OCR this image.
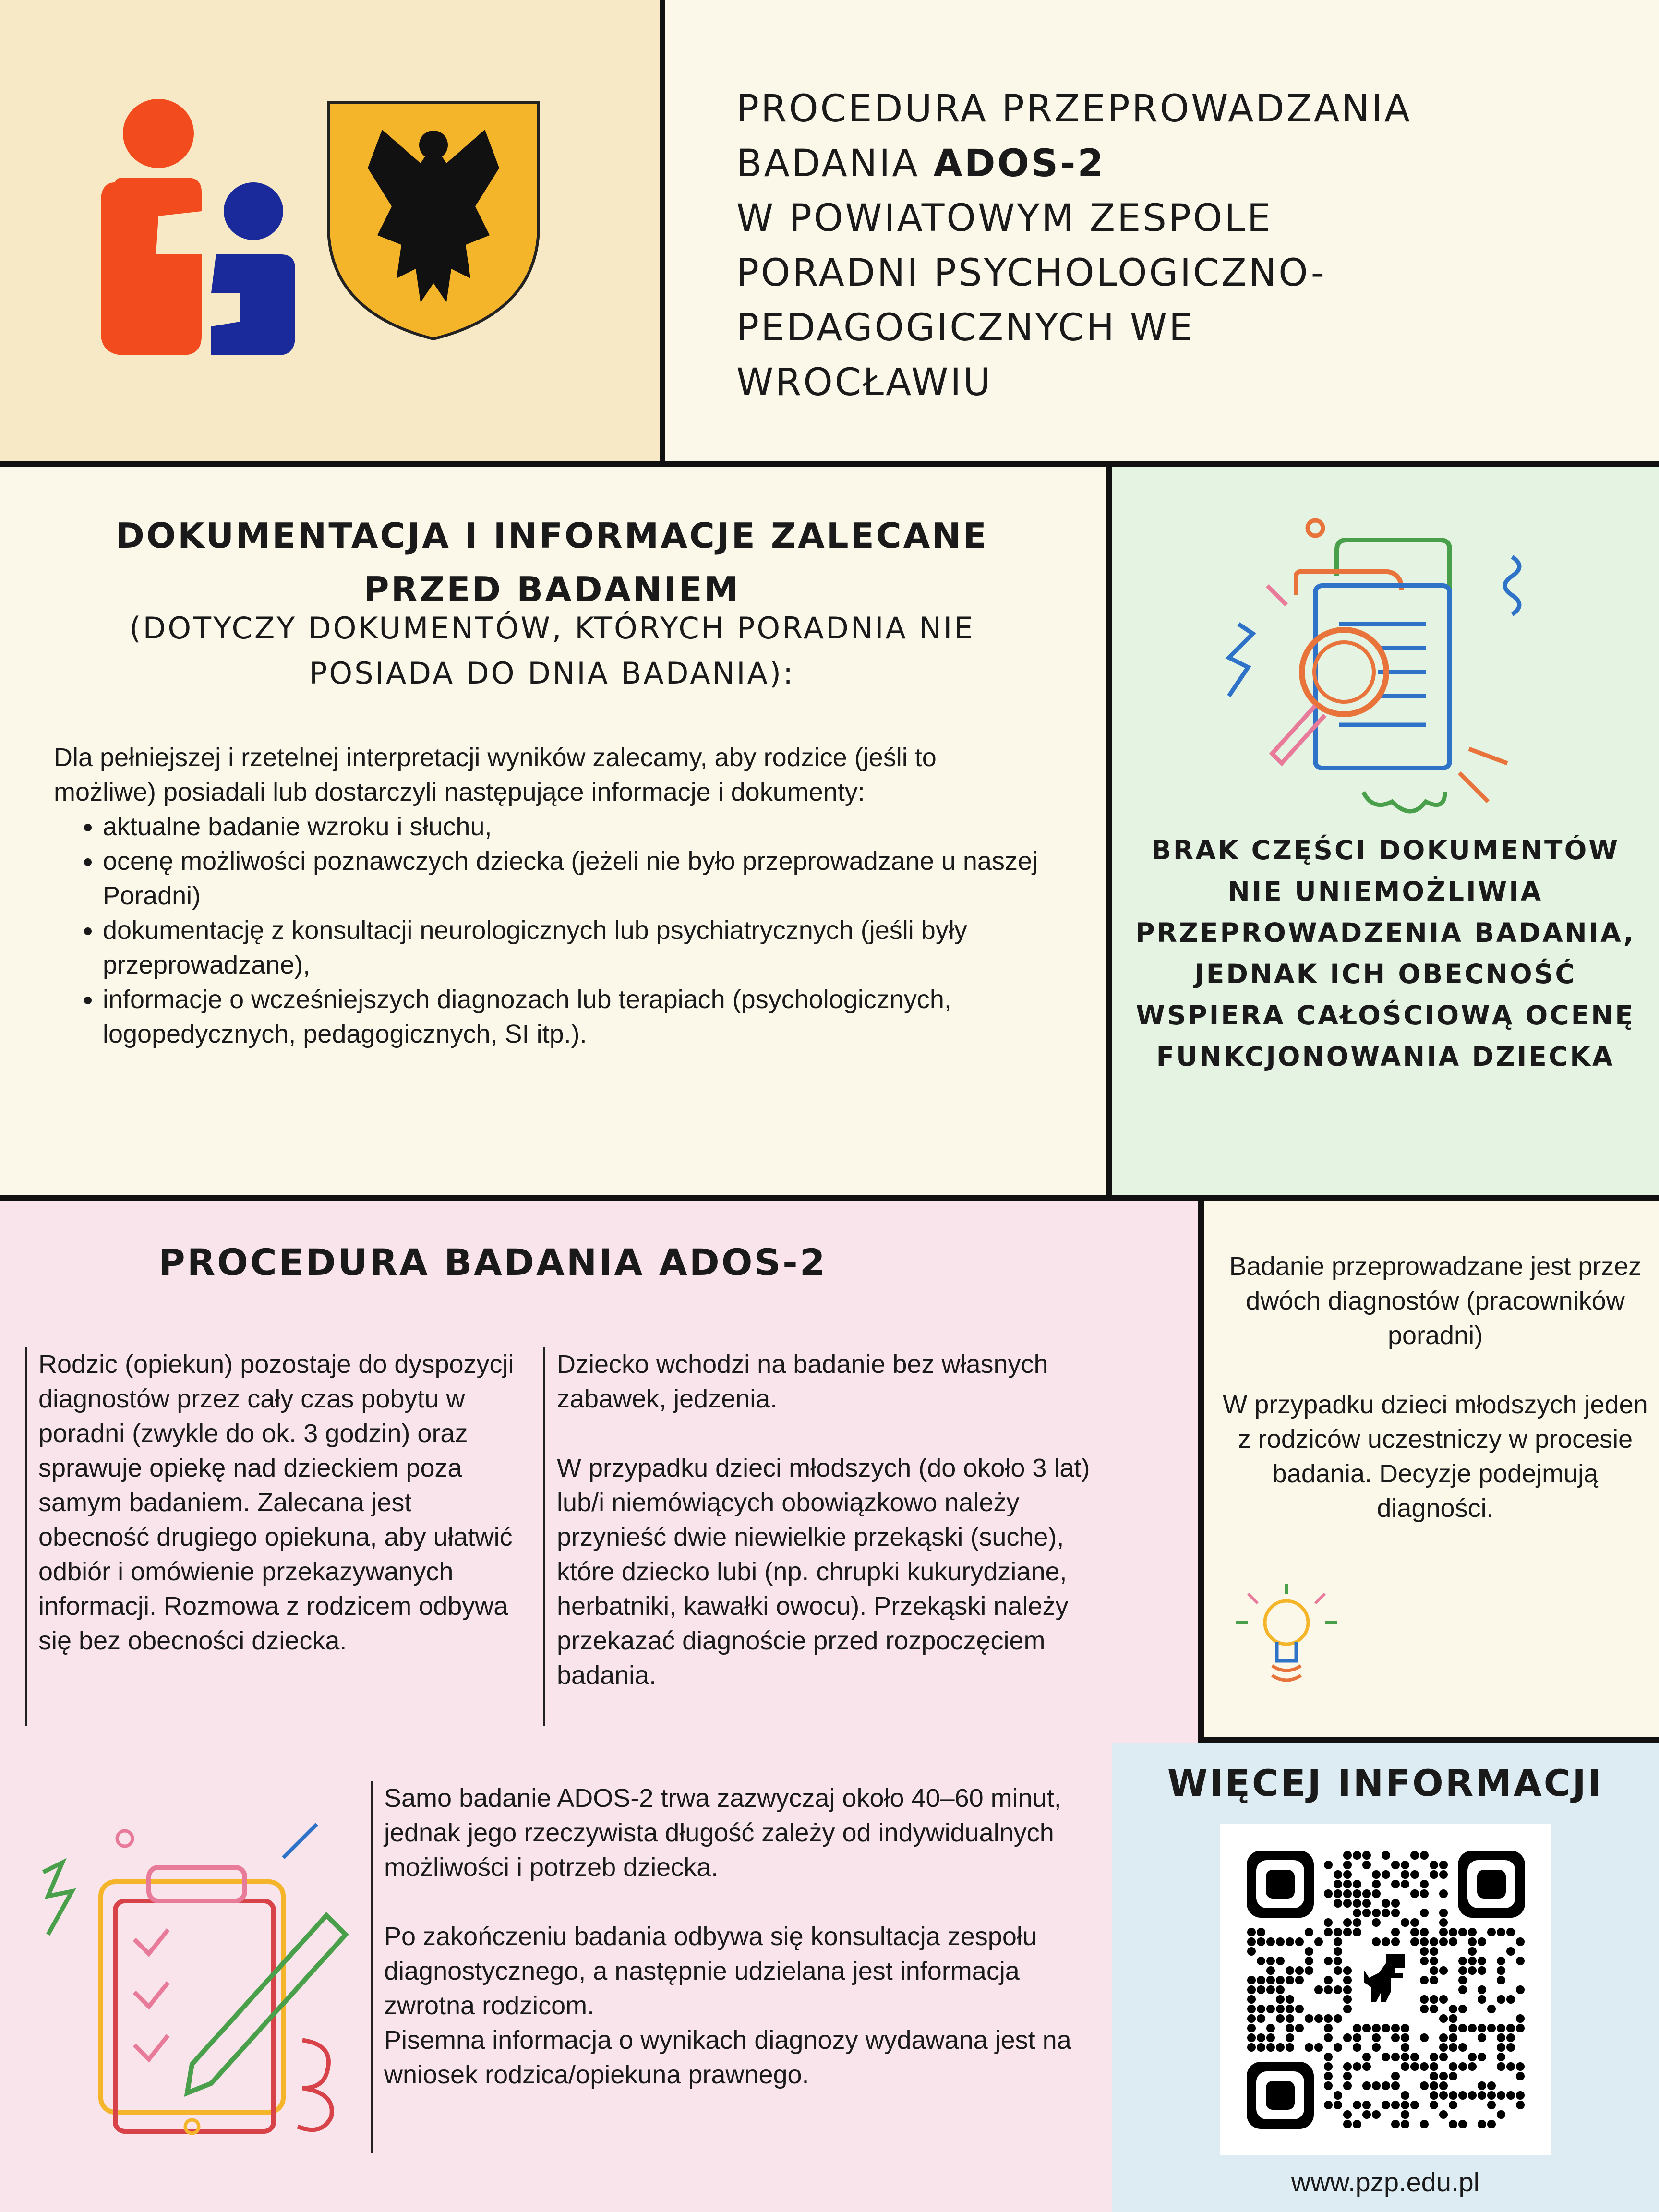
PROCEDURA PRZEPROWADZANIA
BADANIA ADOS-2
W POWIATOWYM ZESPOLE
PORADNI PSYCHOLOGICZNO-
PEDAGOGICZNYCH WE
WROCŁAWIU
DOKUMENTACJA I INFORMACJE ZALECANE
PRZED BADANIEM

(DOTYCZY DOKUMENTÓW, KTÓRYCH PORADNIA NIE
POSIADA DO DNIA BADANIA):

Dla pełniejszej i rzetelnej interpretacji wyników zalecamy, aby rodzice (jeśli to możliwe) posiadali lub dostarczyli następujące informacje i dokumenty:
• aktualne badanie wzroku i słuchu,
• ocenę możliwości poznawczych dziecka (jeżeli nie było przeprowadzane u naszej Poradni)
• dokumentację z konsultacji neurologicznych lub psychiatrycznych (jeśli były przeprowadzane),
• informacje o wcześniejszych diagnozach lub terapiach (psychologicznych, logopedycznych, pedagogicznych, SI itp.).

BRAK CZĘŚCI DOKUMENTÓW NIE UNIEMOŻLIWIA PRZEPROWADZENIA BADANIA, JEDNAK ICH OBECNOŚĆ WSPIERA CAŁOŚCIOWĄ OCENĘ FUNKCJONOWANIA DZIECKA

PROCEDURA BADANIA ADOS-2

Rodzic (opiekun) pozostaje do dyspozycji diagnostów przez cały czas pobytu w poradni (zwykle do ok. 3 godzin) oraz sprawuje opiekę nad dzieckiem poza samym badaniem. Zalecana jest obecność drugiego opiekuna, aby ułatwić odbiór i omówienie przekazywanych informacji. Rozmowa z rodzicem odbywa się bez obecności dziecka.

Dziecko wchodzi na badanie bez własnych zabawek, jedzenia.

W przypadku dzieci młodszych (do około 3 lat) lub/i niemówiących obowiązkowo należy przynieść dwie niewielkie przekąski (suche), które dziecko lubi (np. chrupki kukurydziane, herbatniki, kawałki owocu). Przekąski należy przekazać diagnoście przed rozpoczęciem badania.

Badanie przeprowadzane jest przez dwóch diagnostów (pracowników poradni)

W przypadku dzieci młodszych jeden z rodziców uczestniczy w procesie badania. Decyzje podejmują diagności.

Samo badanie ADOS-2 trwa zazwyczaj około 40–60 minut, jednak jego rzeczywista długość zależy od indywidualnych możliwości i potrzeb dziecka.

Po zakończeniu badania odbywa się konsultacja zespołu diagnostycznego, a następnie udzielana jest informacja zwrotna rodzicom.

Pisemna informacja o wynikach diagnozy wydawana jest na wniosek rodzica/opiekuna prawnego.

WIĘCEJ INFORMACJI
www.pzp.edu.pl
